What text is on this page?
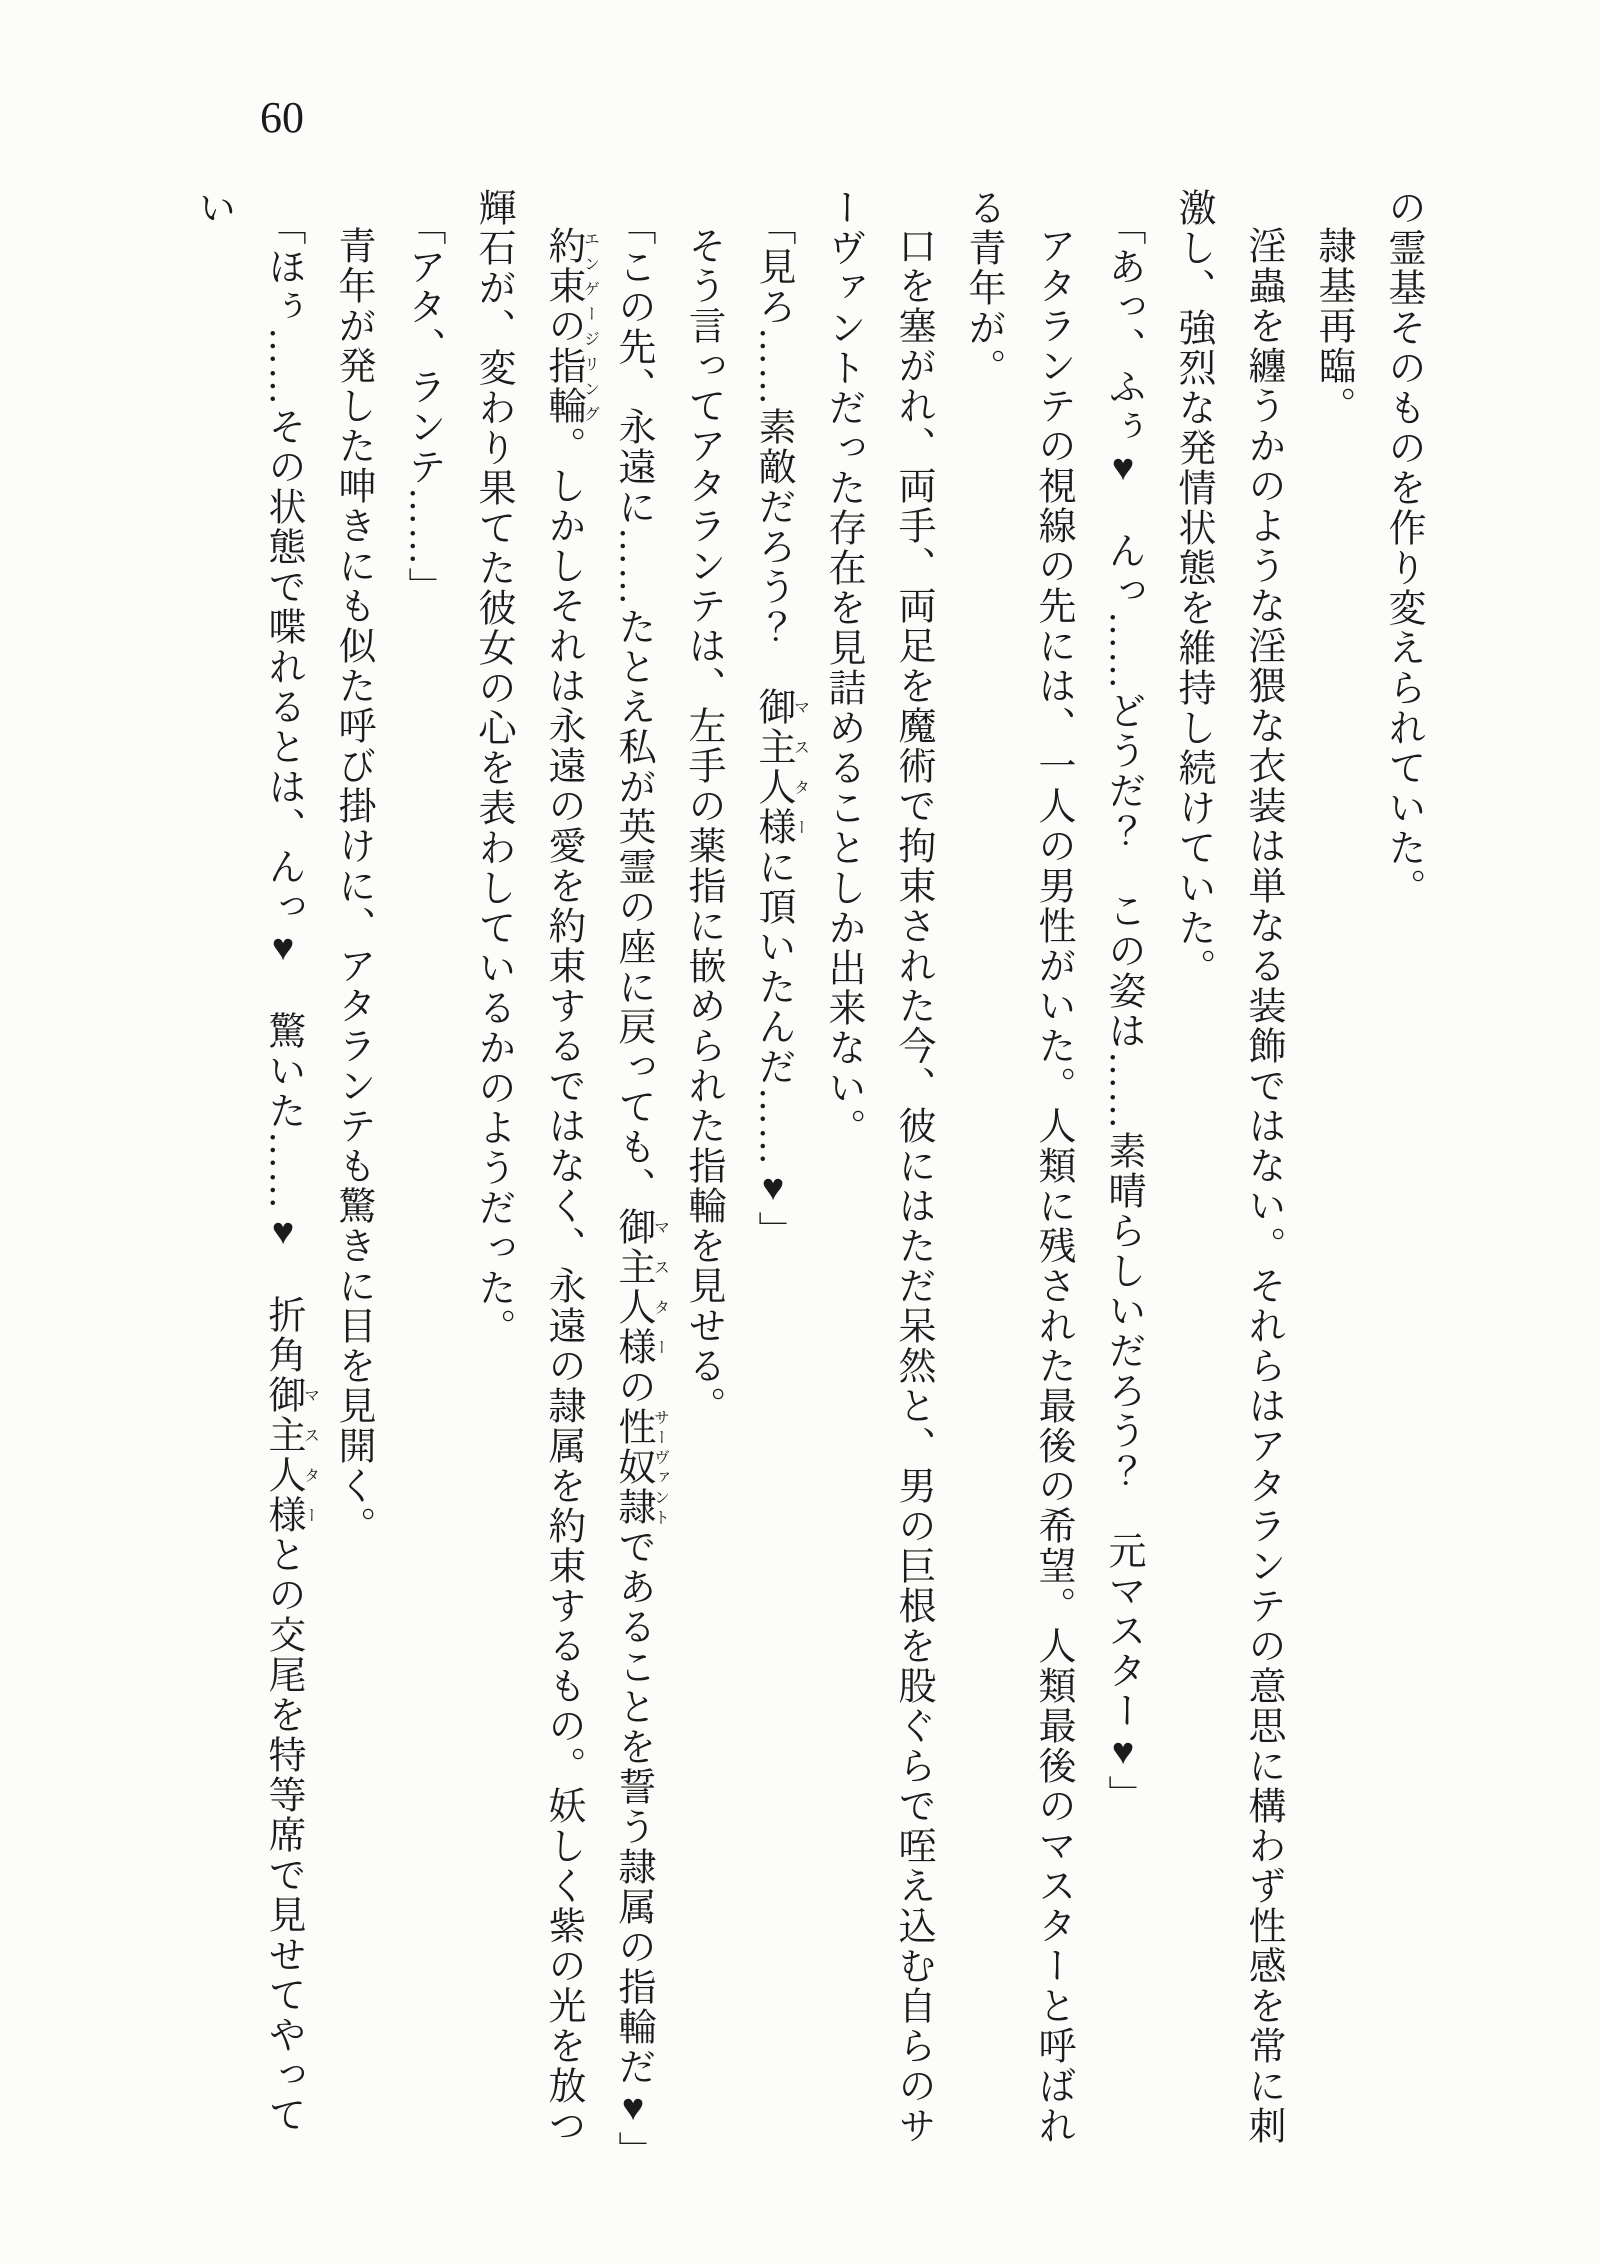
60

の霊基そのものを作り変えられていた。

隷基再臨。

淫蟲を纏うかのような淫猥な衣装は単なる装飾ではない。それらはアタランテの意思に構わず性感を常に刺激し、強烈な発情状態を維持し続けていた。

「あっ、ふぅ♥　んっ……どうだ？　この姿は……素晴らしいだろう？　元マスター♥」

アタランテの視線の先には、一人の男性がいた。人類に残された最後の希望。人類最後のマスターと呼ばれる青年が。

口を塞がれ、両手、両足を魔術で拘束された今、彼にはただ呆然と、男の巨根を股ぐらで咥え込む自らのサーヴァントだった存在を見詰めることしか出来ない。

「見ろ……素敵だろう？　御主人様マスターに頂いたんだ……♥」

そう言ってアタランテは、左手の薬指に嵌められた指輪を見せる。

「この先、永遠に……たとえ私が英霊の座に戻っても、御主人様マスターの性奴隷サーヴァントであることを誓う隷属の指輪だ♥」

約束の指輪エンゲージリング。しかしそれは永遠の愛を約束するではなく、永遠の隷属を約束するもの。妖しく紫の光を放つ輝石が、変わり果てた彼女の心を表わしているかのようだった。

「アタ、ランテ……」

青年が発した呻きにも似た呼び掛けに、アタランテも驚きに目を見開く。

「ほぅ……その状態で喋れるとは、んっ♥　驚いた……♥　折角御主人様マスターとの交尾を特等席で見せてやってい
